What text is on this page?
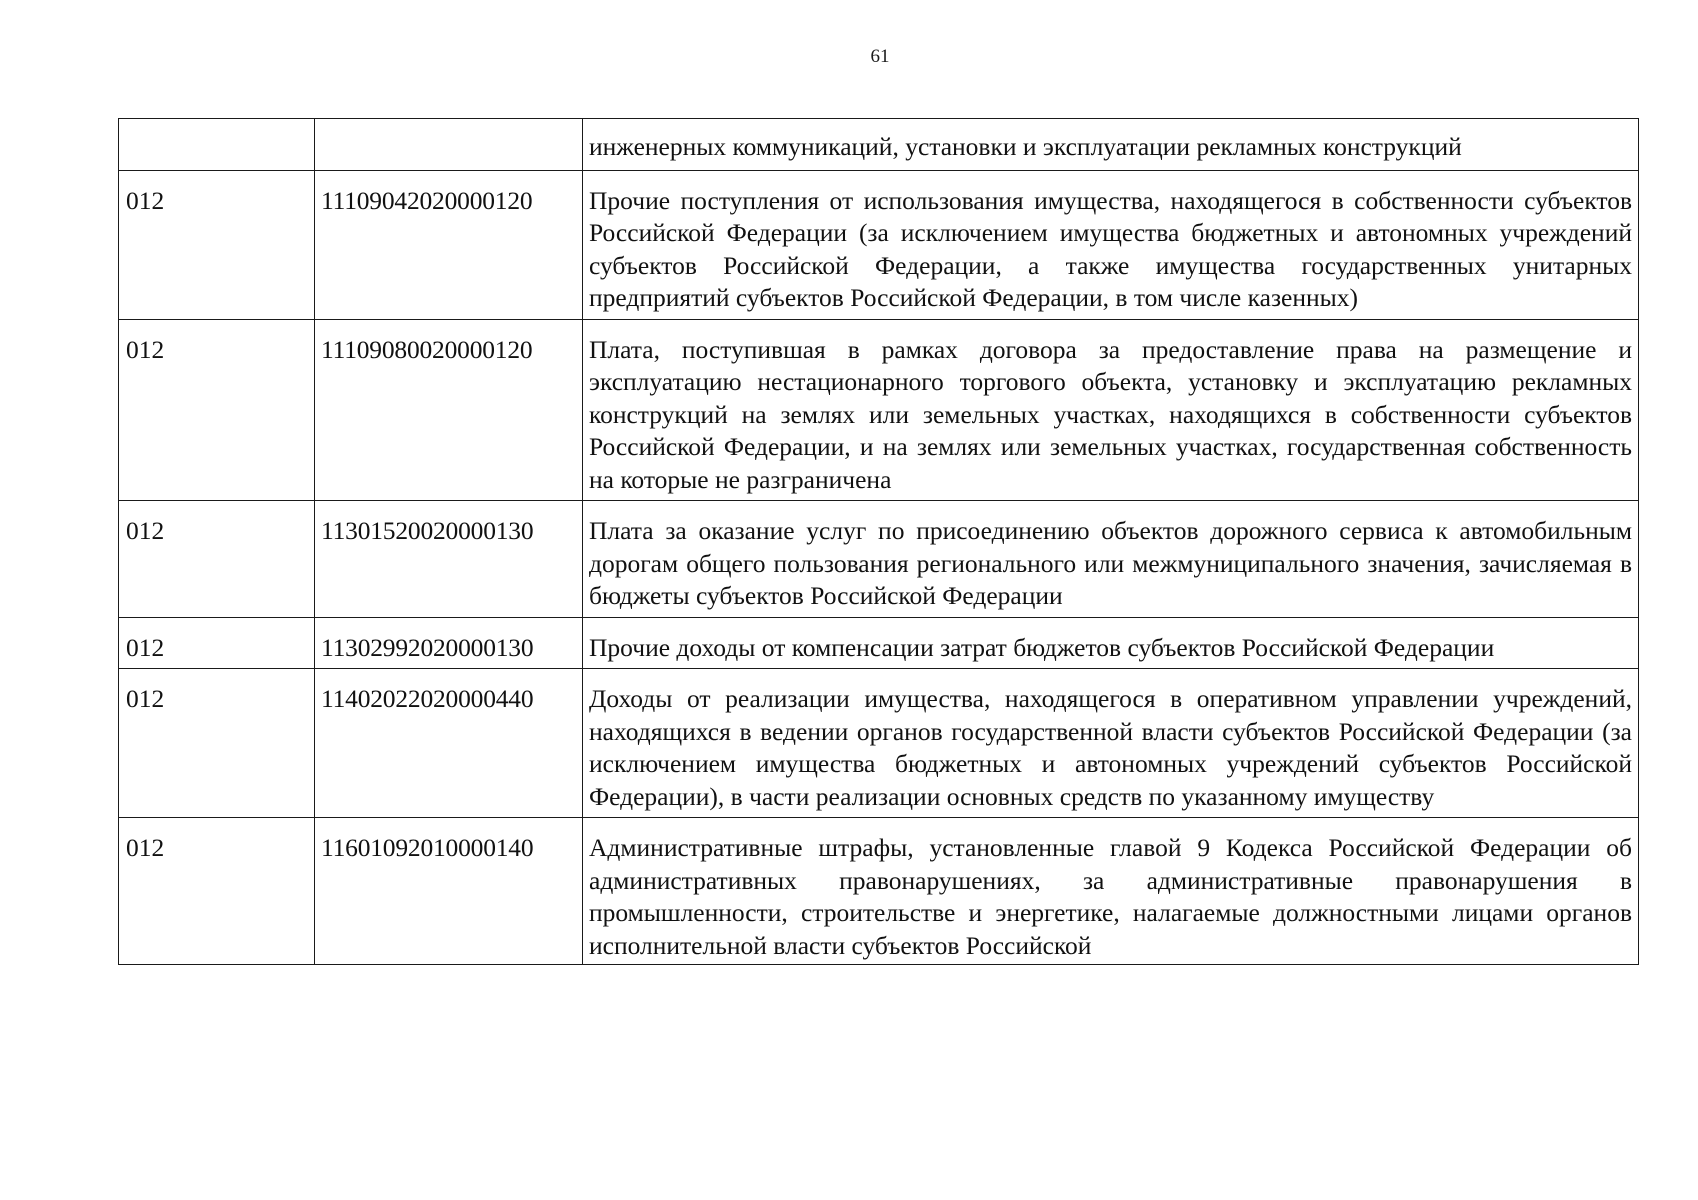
61
		инженерных коммуникаций, установки и эксплуатации рекламных конструкций
012	11109042020000120	Прочие поступления от использования имущества, находящегося в собственности субъектов Российской Федерации (за исключением имущества бюджетных и автономных учреждений субъектов Российской Федерации, а также имущества государственных унитарных предприятий субъектов Российской Федерации, в том числе казенных)
012	11109080020000120	Плата, поступившая в рамках договора за предоставление права на размещение и эксплуатацию нестационарного торгового объекта, установку и эксплуатацию рекламных конструкций на землях или земельных участках, находящихся в собственности субъектов Российской Федерации, и на землях или земельных участках, государственная собственность на которые не разграничена
012	11301520020000130	Плата за оказание услуг по присоединению объектов дорожного сервиса к автомобильным дорогам общего пользования регионального или межмуниципального значения, зачисляемая в бюджеты субъектов Российской Федерации
012	11302992020000130	Прочие доходы от компенсации затрат бюджетов субъектов Российской Федерации
012	11402022020000440	Доходы от реализации имущества, находящегося в оперативном управлении учреждений, находящихся в ведении органов государственной власти субъектов Российской Федерации (за исключением имущества бюджетных и автономных учреждений субъектов Российской Федерации), в части реализации основных средств по указанному имуществу
012	11601092010000140	Административные штрафы, установленные главой 9 Кодекса Российской Федерации об административных правонарушениях, за административные правонарушения в промышленности, строительстве и энергетике, налагаемые должностными лицами органов исполнительной власти субъектов Российской
